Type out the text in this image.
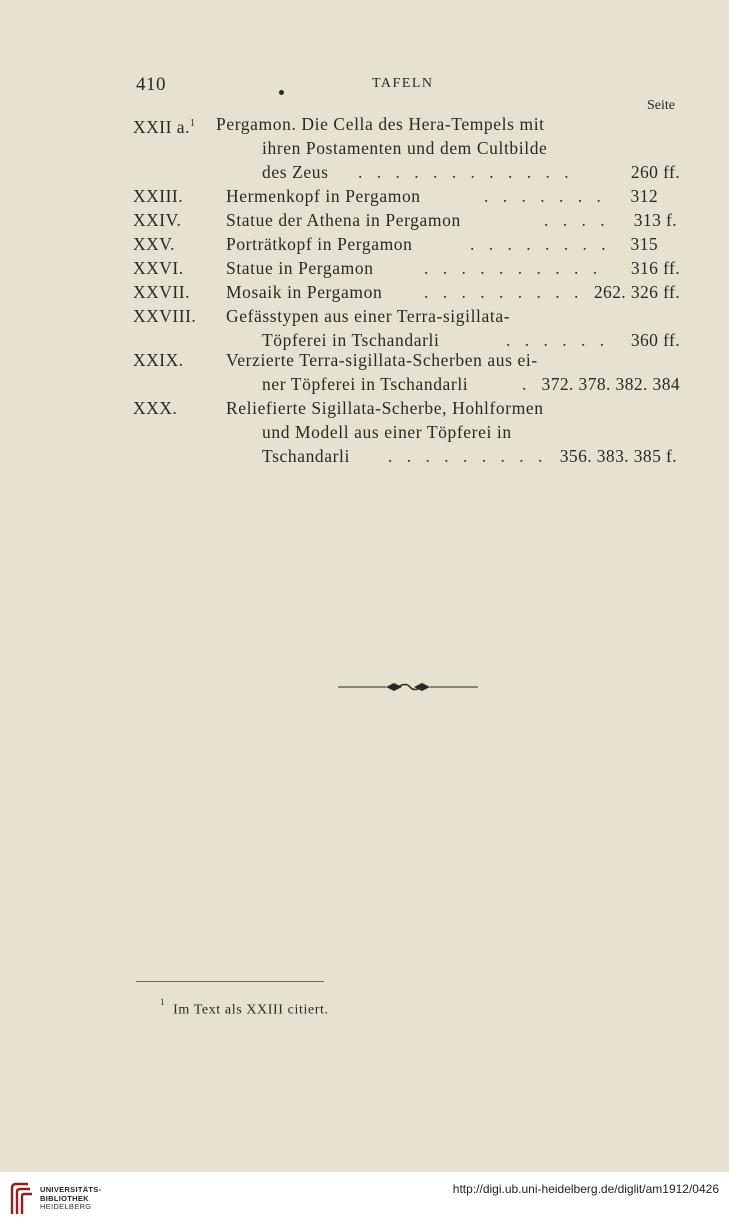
410	TAFELN
Seite
XXII a.$^1$ Pergamon. Die Cella des Hera-Tempels mit
ihren Postamenten und dem Cultbilde
des Zeus . . . . . . . . . . . .	260 ff.
XXIII. Hermenkopf in Pergamon	. . . . . . . 312
XXIV.	Statue der Athena in Pergamon	. . . . 313 f.
XXV.	Porträtkopf in Pergamon	. . . . . . . . 315
XXVI. Statue in Pergamon	. . . . . . . . . . 316 ff.
XXVII. Mosaik in Pergamon . . . . . . . . . 262. 326 ff.
XXVIII. Gefässtypen aus einer Terra-sigillata-
Töpferei in Tschandarli	. . . . . . 360 ff.
XXIX. Verzierte Terra-sigillata-Scherben aus ei-
ner Töpferei in Tschandarli	. 372. 378. 382. 384
XXX.	Reliefierte Sigillata-Scherbe, Hohlformen
und Modell aus einer Töpferei in
Tschandarli . . . . . . . . . 356. 383. 385 f.
$^1$Im Text als XXIII citiert.
UNIVERSITÄTS-
BIBLIOTHEK
HEIDELBERG
http://digi.ub.uni-heidelberg.de/diglit/am1912/0426
